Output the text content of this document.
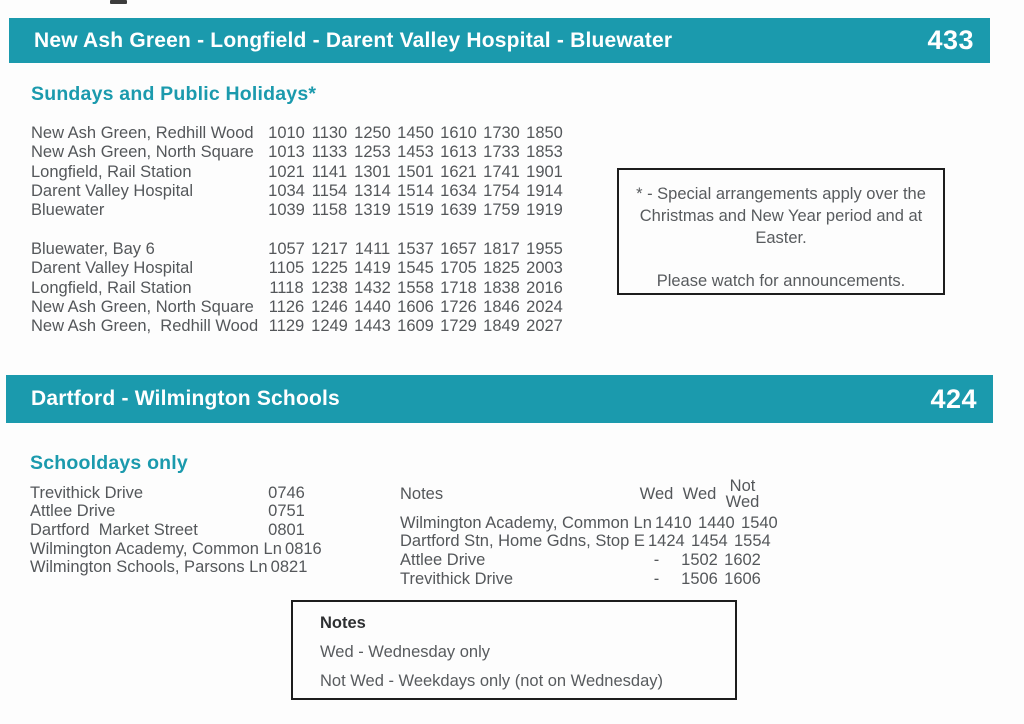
New Ash Green - Longfield - Darent Valley Hospital - Bluewater	433
Sundays and Public Holidays*
New Ash Green, Redhill Wood 1010 1130 1250 1450 1610 1730 1850
New Ash Green, North Square 1013 1133 1253 1453 1613 1733 1853
Longfield, Rail Station	1021 1141 1301 1501 1621 1741 1901
Darent Valley Hospital	1034 1154 1314 1514 1634 1754 1914
Bluewater	1039 1158 1319 1519 1639 1759 1919
Bluewater, Bay 6	1057 1217 1411 1537 1657 1817 1955
Darent Valley Hospital	1105 1225 1419 1545 1705 1825 2003
Longfield, Rail Station	1118 1238 1432 1558 1718 1838 2016
New Ash Green, North Square 1126 1246 1440 1606 1726 1846 2024
New Ash Green,  Redhill Wood 1129 1249 1443 1609 1729 1849 2027

* - Special arrangements apply over the Christmas and New Year period and at Easter.

Please watch for announcements.

Dartford - Wilmington Schools	424
Schooldays only
Trevithick Drive	0746
Attlee Drive	0751
Dartford  Market Street	0801
Wilmington Academy, Common Ln 0816
Wilmington Schools, Parsons Ln 0821
Notes	Wed Wed Not Wed
Wilmington Academy, Common Ln 1410 1440 1540
Dartford Stn, Home Gdns, Stop E 1424 1454 1554
Attlee Drive	-	1502 1602
Trevithick Drive	-	1506 1606

Notes

Wed - Wednesday only

Not Wed - Weekdays only (not on Wednesday)
